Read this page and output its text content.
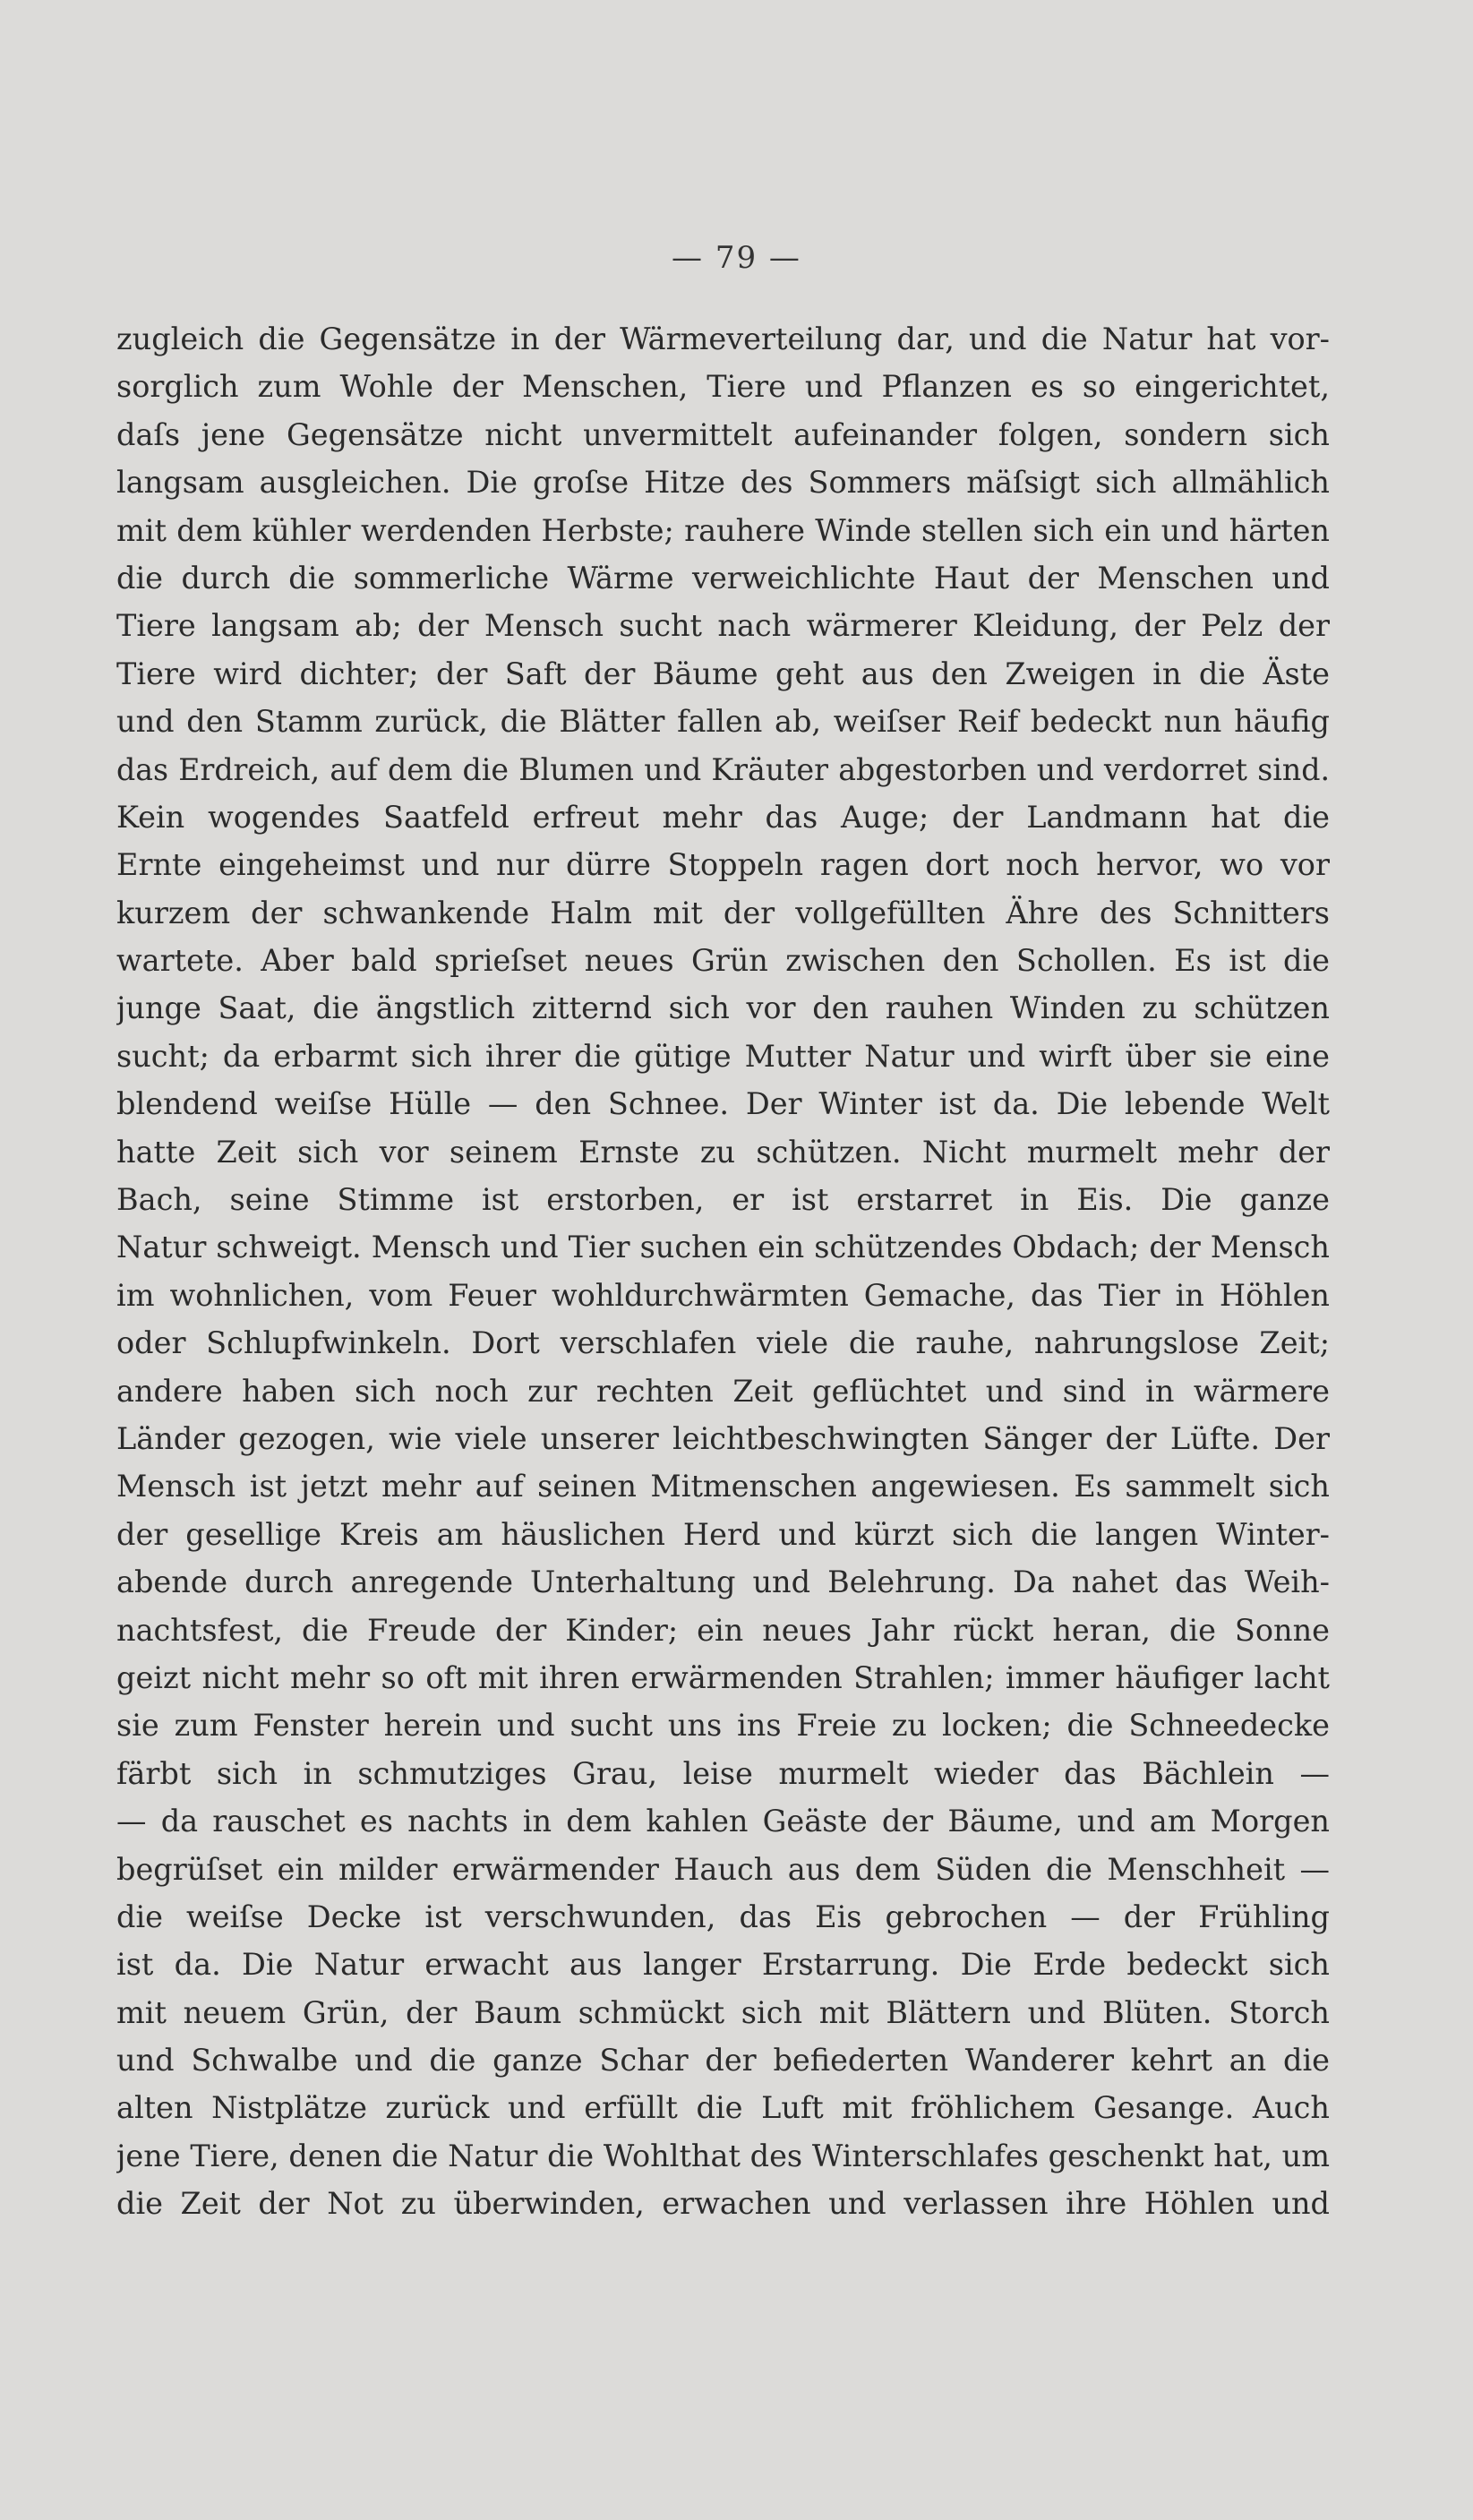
— 79 —
zugleich die Gegensätze in der Wärmeverteilung dar, und die Natur hat vor-
sorglich zum Wohle der Menschen, Tiere und Pflanzen es so eingerichtet,
daſs jene Gegensätze nicht unvermittelt aufeinander folgen, sondern sich
langsam ausgleichen. Die groſse Hitze des Sommers mäſsigt sich allmählich
mit dem kühler werdenden Herbste; rauhere Winde stellen sich ein und härten
die durch die sommerliche Wärme verweichlichte Haut der Menschen und
Tiere langsam ab; der Mensch sucht nach wärmerer Kleidung, der Pelz der
Tiere wird dichter; der Saft der Bäume geht aus den Zweigen in die Äste
und den Stamm zurück, die Blätter fallen ab, weiſser Reif bedeckt nun häufig
das Erdreich, auf dem die Blumen und Kräuter abgestorben und verdorret sind.
Kein wogendes Saatfeld erfreut mehr das Auge; der Landmann hat die
Ernte eingeheimst und nur dürre Stoppeln ragen dort noch hervor, wo vor
kurzem der schwankende Halm mit der vollgefüllten Ähre des Schnitters
wartete. Aber bald sprieſset neues Grün zwischen den Schollen. Es ist die
junge Saat, die ängstlich zitternd sich vor den rauhen Winden zu schützen
sucht; da erbarmt sich ihrer die gütige Mutter Natur und wirft über sie eine
blendend weiſse Hülle — den Schnee. Der Winter ist da. Die lebende Welt
hatte Zeit sich vor seinem Ernste zu schützen. Nicht murmelt mehr der
Bach, seine Stimme ist erstorben, er ist erstarret in Eis. Die ganze
Natur schweigt. Mensch und Tier suchen ein schützendes Obdach; der Mensch
im wohnlichen, vom Feuer wohldurchwärmten Gemache, das Tier in Höhlen
oder Schlupfwinkeln. Dort verschlafen viele die rauhe, nahrungslose Zeit;
andere haben sich noch zur rechten Zeit geflüchtet und sind in wärmere
Länder gezogen, wie viele unserer leichtbeschwingten Sänger der Lüfte. Der
Mensch ist jetzt mehr auf seinen Mitmenschen angewiesen. Es sammelt sich
der gesellige Kreis am häuslichen Herd und kürzt sich die langen Winter-
abende durch anregende Unterhaltung und Belehrung. Da nahet das Weih-
nachtsfest, die Freude der Kinder; ein neues Jahr rückt heran, die Sonne
geizt nicht mehr so oft mit ihren erwärmenden Strahlen; immer häufiger lacht
sie zum Fenster herein und sucht uns ins Freie zu locken; die Schneedecke
färbt sich in schmutziges Grau, leise murmelt wieder das Bächlein —
— da rauschet es nachts in dem kahlen Geäste der Bäume, und am Morgen
begrüſset ein milder erwärmender Hauch aus dem Süden die Menschheit —
die weiſse Decke ist verschwunden, das Eis gebrochen — der Frühling
ist da. Die Natur erwacht aus langer Erstarrung. Die Erde bedeckt sich
mit neuem Grün, der Baum schmückt sich mit Blättern und Blüten. Storch
und Schwalbe und die ganze Schar der befiederten Wanderer kehrt an die
alten Nistplätze zurück und erfüllt die Luft mit fröhlichem Gesange. Auch
jene Tiere, denen die Natur die Wohlthat des Winterschlafes geschenkt hat, um
die Zeit der Not zu überwinden, erwachen und verlassen ihre Höhlen und
